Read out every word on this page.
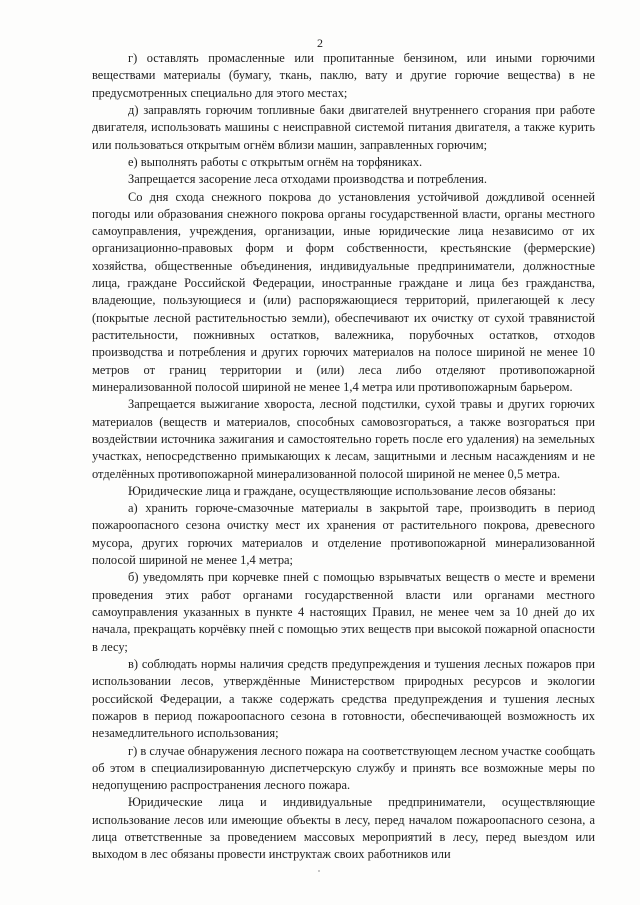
2

г) оставлять промасленные или пропитанные бензином, или иными горючими веществами материалы (бумагу, ткань, паклю, вату и другие горючие вещества) в не предусмотренных специально для этого местах;

д) заправлять горючим топливные баки двигателей внутреннего сгорания при работе двигателя, использовать машины с неисправной системой питания двигателя, а также курить или пользоваться открытым огнём вблизи машин, заправленных горючим;

е) выполнять работы с открытым огнём на торфяниках.

Запрещается засорение леса отходами производства и потребления.

Со дня схода снежного покрова до установления устойчивой дождливой осенней погоды или образования снежного покрова органы государственной власти, органы местного самоуправления, учреждения, организации, иные юридические лица независимо от их организационно-правовых форм и форм собственности, крестьянские (фермерские) хозяйства, общественные объединения, индивидуальные предприниматели, должностные лица, граждане Российской Федерации, иностранные граждане и лица без гражданства, владеющие, пользующиеся и (или) распоряжающиеся территорий, прилегающей к лесу (покрытые лесной растительностью земли), обеспечивают их очистку от сухой травянистой растительности, пожнивных остатков, валежника, порубочных остатков, отходов производства и потребления и других горючих материалов на полосе шириной не менее 10 метров от границ территории и (или) леса либо отделяют противопожарной минерализованной полосой шириной не менее 1,4 метра или противопожарным барьером.

Запрещается выжигание хвороста, лесной подстилки, сухой травы и других горючих материалов (веществ и материалов, способных самовозгораться, а также возгораться при воздействии источника зажигания и самостоятельно гореть после его удаления) на земельных участках, непосредственно примыкающих к лесам, защитными и лесным насаждениям и не отделённых противопожарной минерализованной полосой шириной не менее 0,5 метра.

Юридические лица и граждане, осуществляющие использование лесов обязаны:

а) хранить горюче-смазочные материалы в закрытой таре, производить в период пожароопасного сезона очистку мест их хранения от растительного покрова, древесного мусора, других горючих материалов и отделение противопожарной минерализованной полосой шириной не менее 1,4 метра;

б) уведомлять при корчевке пней с помощью взрывчатых веществ о месте и времени проведения этих работ органами государственной власти или органами местного самоуправления указанных в пункте 4 настоящих Правил, не менее чем за 10 дней до их начала, прекращать корчёвку пней с помощью этих веществ при высокой пожарной опасности в лесу;

в) соблюдать нормы наличия средств предупреждения и тушения лесных пожаров при использовании лесов, утверждённые Министерством природных ресурсов и экологии российской Федерации, а также содержать средства предупреждения и тушения лесных пожаров в период пожароопасного сезона в готовности, обеспечивающей возможность их незамедлительного использования;

г) в случае обнаружения лесного пожара на соответствующем лесном участке сообщать об этом в специализированную диспетчерскую службу и принять все возможные меры по недопущению распространения лесного пожара.

Юридические лица и индивидуальные предприниматели, осуществляющие использование лесов или имеющие объекты в лесу, перед началом пожароопасного сезона, а лица ответственные за проведением массовых мероприятий в лесу, перед выездом или выходом в лес обязаны провести инструктаж своих работников или
